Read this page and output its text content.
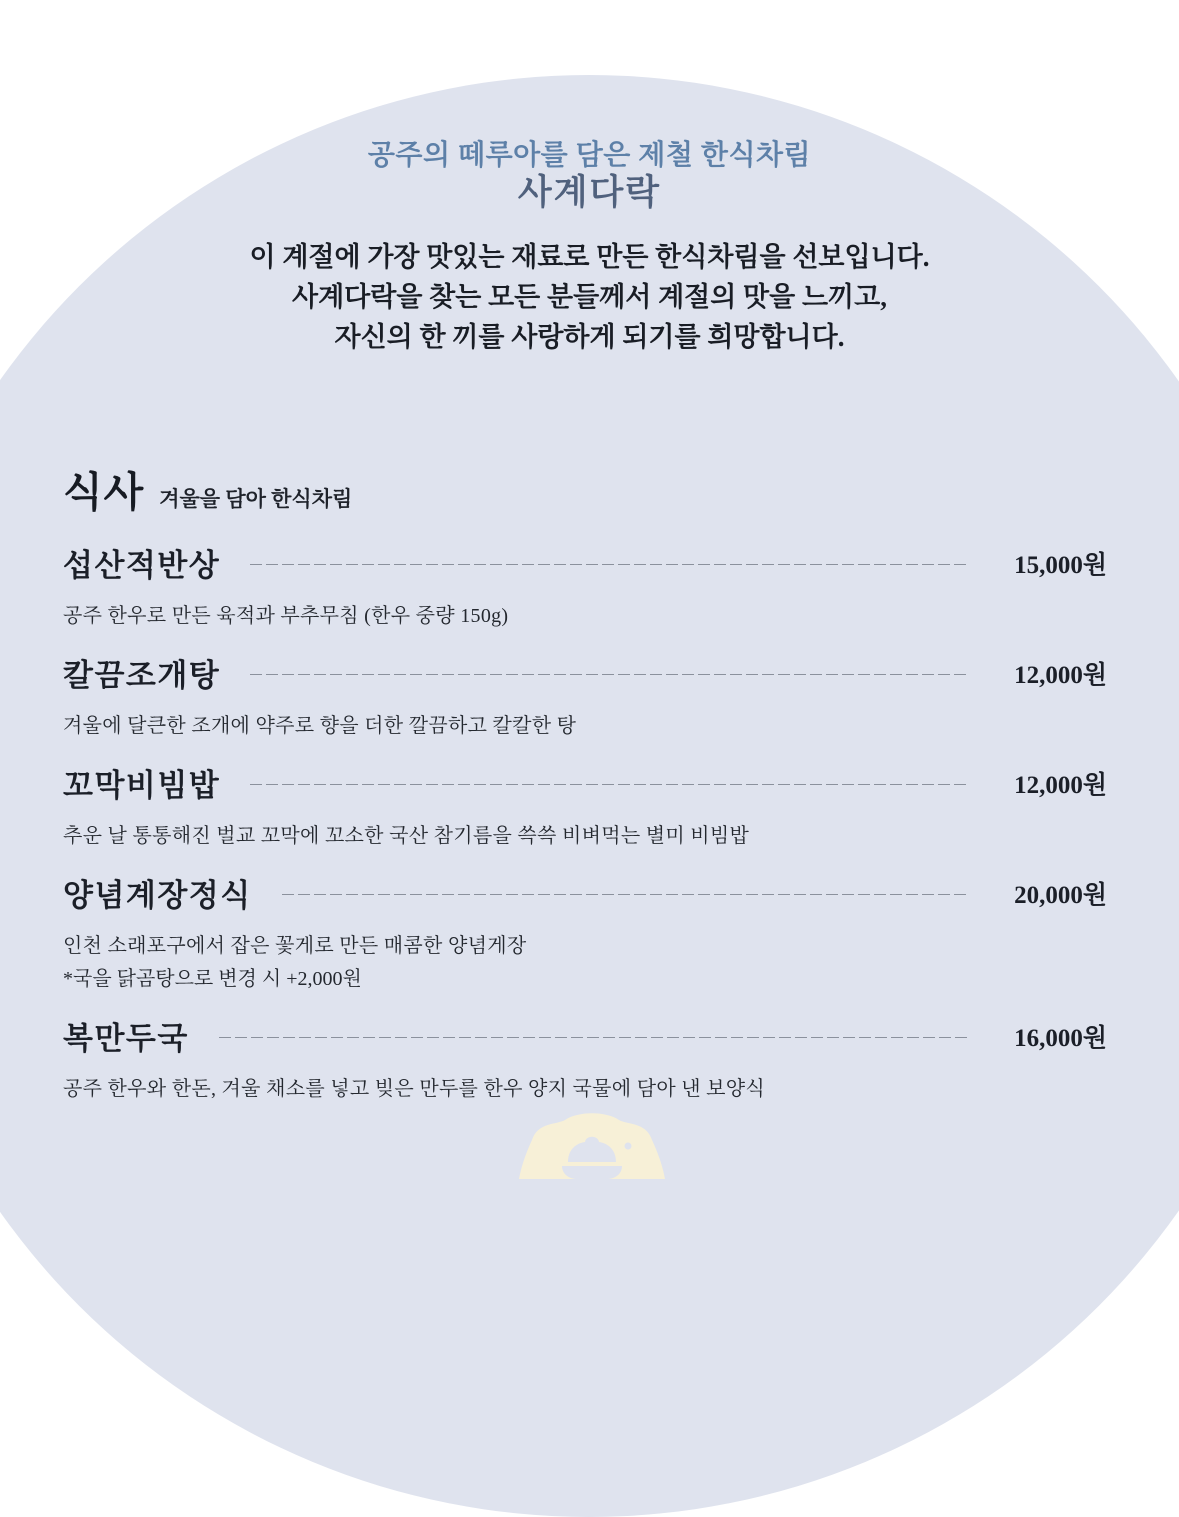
공주의 떼루아를 담은 제철 한식차림
사계다락
이 계절에 가장 맛있는 재료로 만든 한식차림을 선보입니다.
사계다락을 찾는 모든 분들께서 계절의 맛을 느끼고,
자신의 한 끼를 사랑하게 되기를 희망합니다.
식사 겨울을 담아 한식차림
섭산적반상	15,000원
공주 한우로 만든 육적과 부추무침 (한우 중량 150g)
칼끔조개탕	12,000원
겨울에 달큰한 조개에 약주로 향을 더한 깔끔하고 칼칼한 탕
꼬막비빔밥	12,000원
추운 날 통통해진 벌교 꼬막에 꼬소한 국산 참기름을 쓱쓱 비벼먹는 별미 비빔밥
양념계장정식	20,000원
인천 소래포구에서 잡은 꽃게로 만든 매콤한 양념게장
*국을 닭곰탕으로 변경 시 +2,000원
복만두국	16,000원
공주 한우와 한돈, 겨울 채소를 넣고 빚은 만두를 한우 양지 국물에 담아 낸 보양식
